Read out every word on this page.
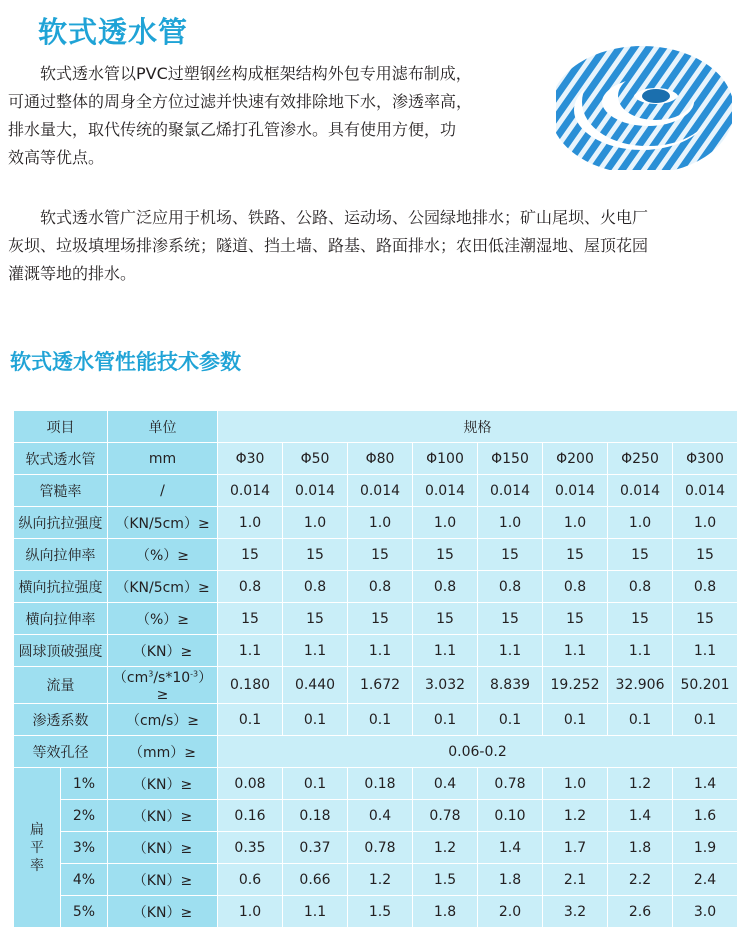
软式透水管

软式透水管以PVC过塑钢丝构成框架结构外包专用滤布制成，

可通过整体的周身全方位过滤并快速有效排除地下水，渗透率高，

排水量大，取代传统的聚氯乙烯打孔管渗水。具有使用方便，功

效高等优点。

软式透水管广泛应用于机场、铁路、公路、运动场、公园绿地排水；矿山尾坝、火电厂

灰坝、垃圾填埋场排渗系统；隧道、挡土墙、路基、路面排水；农田低洼潮湿地、屋顶花园

灌溉等地的排水。

软式透水管性能技术参数
项目		单位	规格							
软式透水管		mm	Φ30	Φ50	Φ80	Φ100	Φ150	Φ200	Φ250	Φ300
管糙率		/	0.014	0.014	0.014	0.014	0.014	0.014	0.014	0.014
纵向抗拉强度		（KN/5cm）≥	1.0	1.0	1.0	1.0	1.0	1.0	1.0	1.0
纵向拉伸率		（%）≥	15	15	15	15	15	15	15	15
横向抗拉强度		（KN/5cm）≥	0.8	0.8	0.8	0.8	0.8	0.8	0.8	0.8
横向拉伸率		（%）≥	15	15	15	15	15	15	15	15
圆球顶破强度		（KN）≥	1.1	1.1	1.1	1.1	1.1	1.1	1.1	1.1
流量		$(cm^3/s*10^{-3})\ge$	0.180	0.440	1.672	3.032	8.839	19.252	32.906	50.201
渗透系数		（cm/s）≥	0.1	0.1	0.1	0.1	0.1	0.1	0.1	0.1
等效孔径		（mm）≥	0.06-0.2							

扁
平
率	1%	（KN）≥	0.08	0.1	0.18	0.4	0.78	1.0	1.2	1.4
	2%	（KN）≥	0.16	0.18	0.4	0.78	0.10	1.2	1.4	1.6
	3%	（KN）≥	0.35	0.37	0.78	1.2	1.4	1.7	1.8	1.9
	4%	（KN）≥	0.6	0.66	1.2	1.5	1.8	2.1	2.2	2.4
	5%	（KN）≥	1.0	1.1	1.5	1.8	2.0	3.2	2.6	3.0
